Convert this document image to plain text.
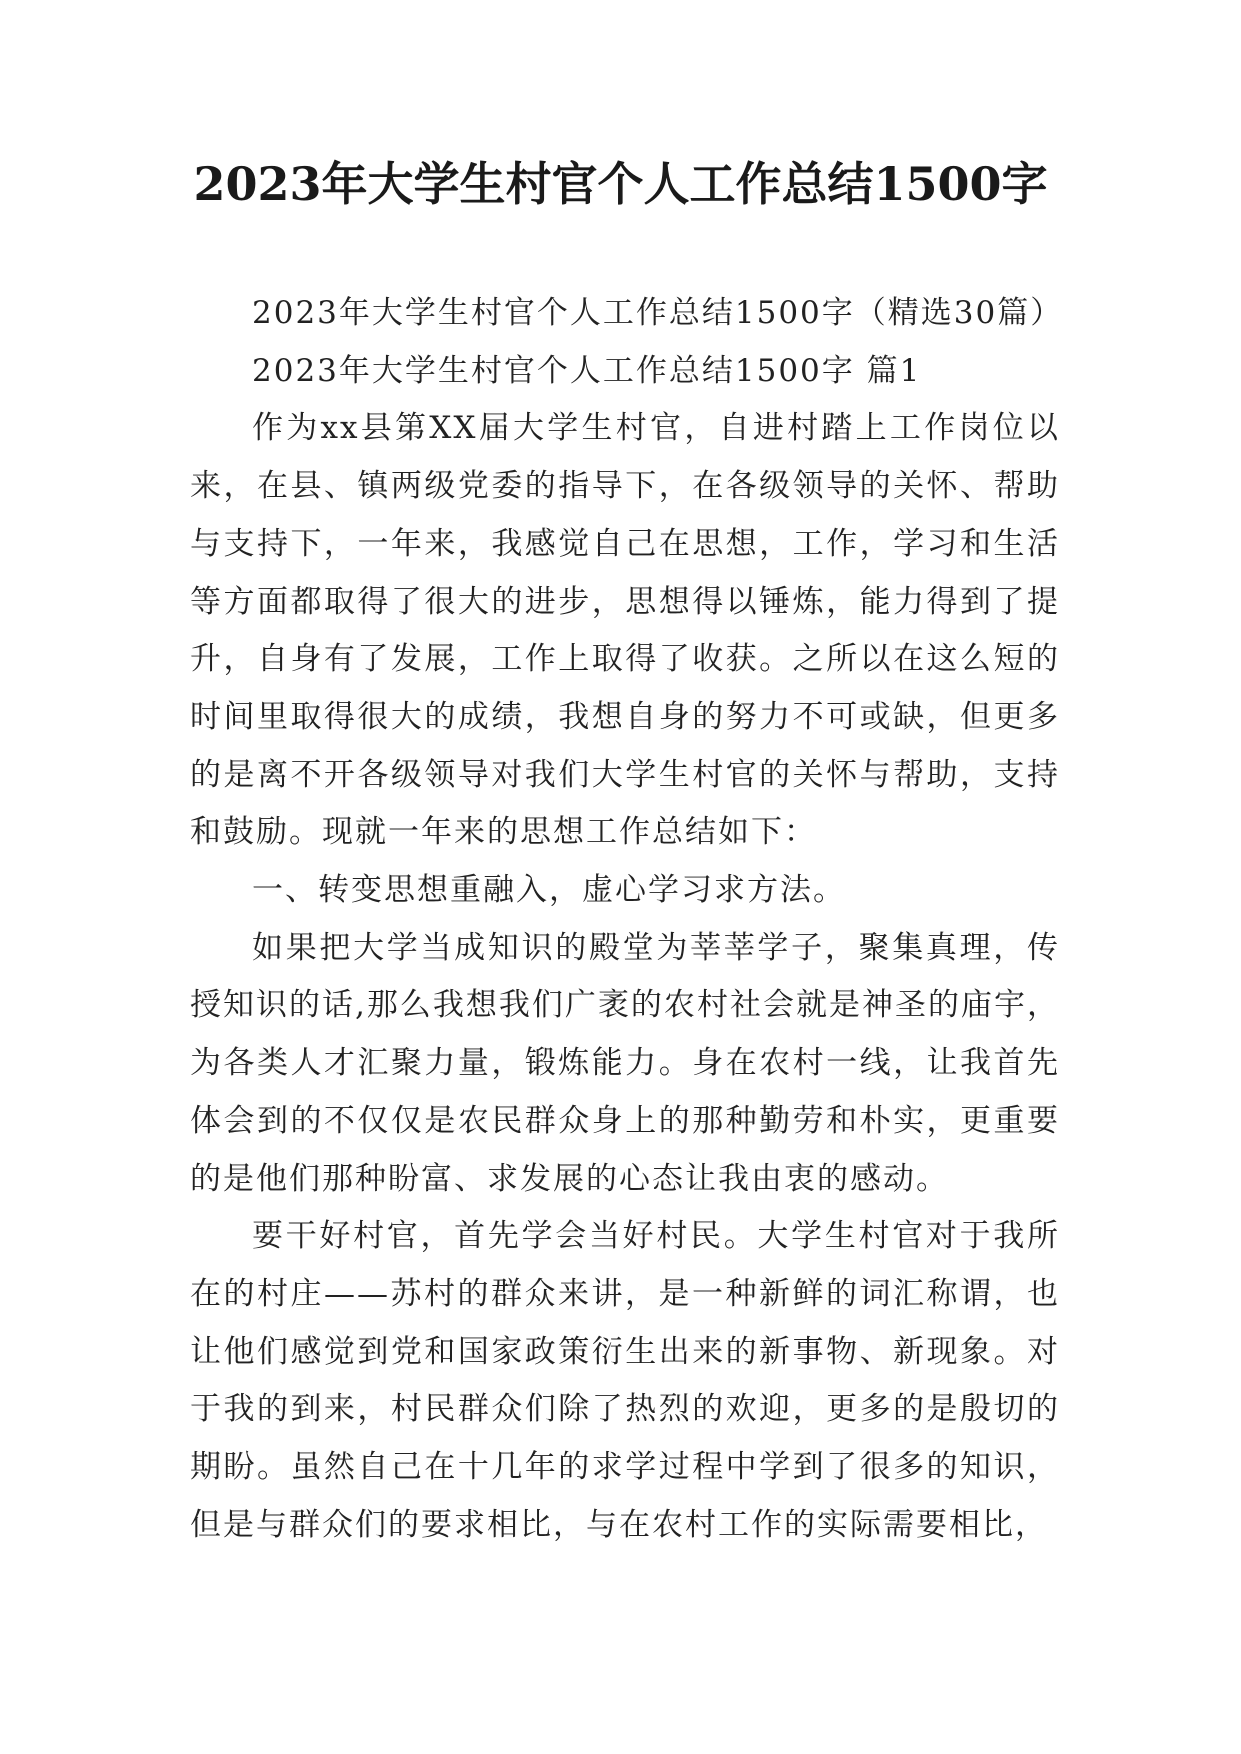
2023年大学生村官个人工作总结1500字

2023年大学生村官个人工作总结1500字（精选30篇）

2023年大学生村官个人工作总结1500字 篇1

作为xx县第XX届大学生村官，自进村踏上工作岗位以来，在县、镇两级党委的指导下，在各级领导的关怀、帮助与支持下，一年来，我感觉自己在思想，工作，学习和生活等方面都取得了很大的进步，思想得以锤炼，能力得到了提升，自身有了发展，工作上取得了收获。之所以在这么短的时间里取得很大的成绩，我想自身的努力不可或缺，但更多的是离不开各级领导对我们大学生村官的关怀与帮助，支持和鼓励。现就一年来的思想工作总结如下：

一、转变思想重融入，虚心学习求方法。

如果把大学当成知识的殿堂为莘莘学子，聚集真理，传授知识的话,那么我想我们广袤的农村社会就是神圣的庙宇，为各类人才汇聚力量，锻炼能力。身在农村一线，让我首先体会到的不仅仅是农民群众身上的那种勤劳和朴实，更重要的是他们那种盼富、求发展的心态让我由衷的感动。

要干好村官，首先学会当好村民。大学生村官对于我所在的村庄——苏村的群众来讲，是一种新鲜的词汇称谓，也让他们感觉到党和国家政策衍生出来的新事物、新现象。对于我的到来，村民群众们除了热烈的欢迎，更多的是殷切的期盼。虽然自己在十几年的求学过程中学到了很多的知识，但是与群众们的要求相比，与在农村工作的实际需要相比，
